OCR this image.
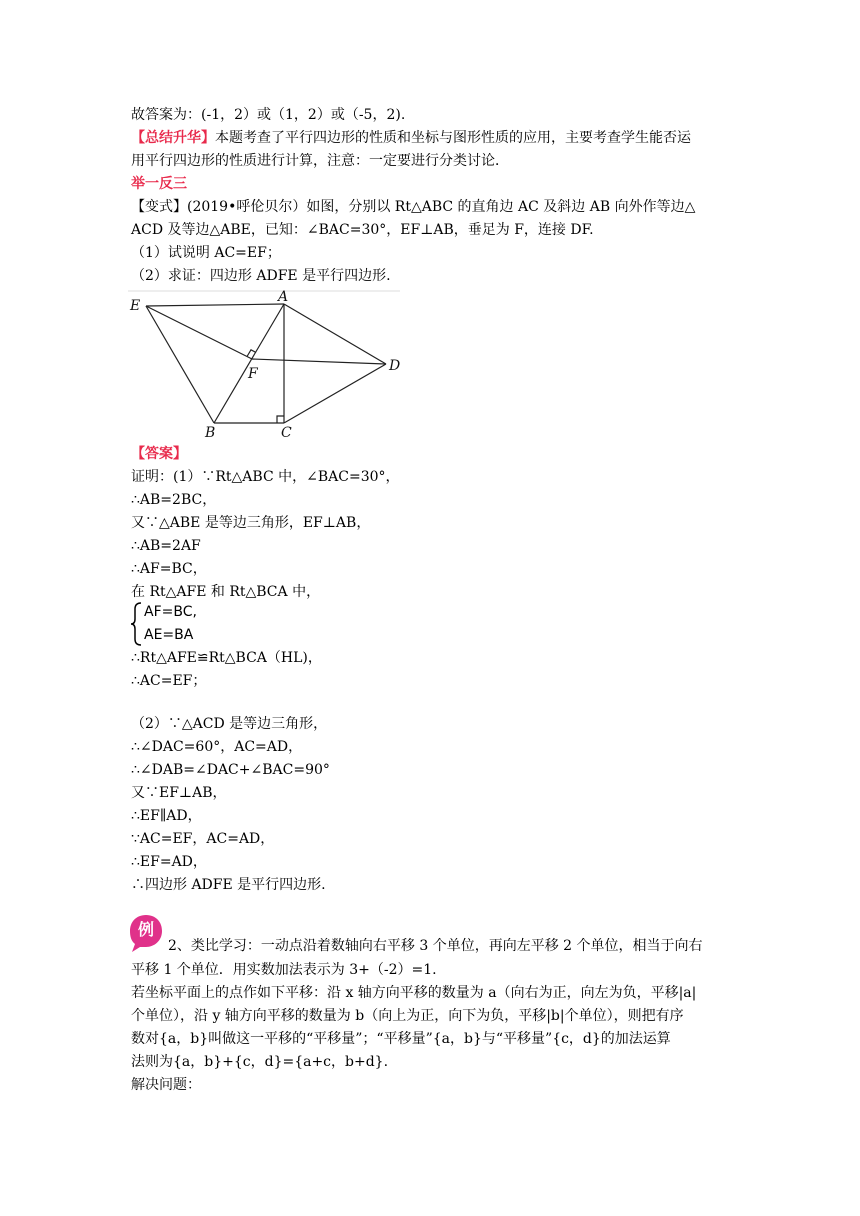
故答案为：(-1，2）或（1，2）或（-5，2).
【总结升华】本题考查了平行四边形的性质和坐标与图形性质的应用，主要考查学生能否运
用平行四边形的性质进行计算，注意：一定要进行分类讨论．
举一反三
【变式】(2019•呼伦贝尔）如图，分别以 Rt△ABC 的直角边 AC 及斜边 AB 向外作等边△
ACD 及等边△ABE，已知：∠BAC=30°，EF⊥AB，垂足为 F，连接 DF.
（1）试说明 AC=EF；
（2）求证：四边形 ADFE 是平行四边形.
E
A
D
F
B	C
【答案】
证明：(1）∵Rt△ABC 中，∠BAC=30°，
∴AB=2BC，
又∵△ABE 是等边三角形，EF⊥AB，
∴AB=2AF
∴AF=BC，
在 Rt△AFE 和 Rt△BCA 中，
AF=BC,
AE=BA
∴Rt△AFE≌Rt△BCA（HL)，
∴AC=EF；
（2）∵△ACD 是等边三角形，
∴∠DAC=60°，AC=AD，
∴∠DAB=∠DAC+∠BAC=90°
又∵EF⊥AB，
∴EF∥AD，
∵AC=EF，AC=AD，
∴EF=AD，
∴四边形 ADFE 是平行四边形.
例
2、类比学习：一动点沿着数轴向右平移 3 个单位，再向左平移 2 个单位，相当于向右
平移 1 个单位．用实数加法表示为 3+（-2）=1.
若坐标平面上的点作如下平移：沿 x 轴方向平移的数量为 a（向右为正，向左为负，平移|a|
个单位），沿 y 轴方向平移的数量为 b（向上为正，向下为负，平移|b|个单位），则把有序
数对{a，b}叫做这一平移的“平移量”；“平移量”{a，b}与“平移量”{c，d}的加法运算
法则为{a，b}+{c，d}={a+c，b+d}.
解决问题：
